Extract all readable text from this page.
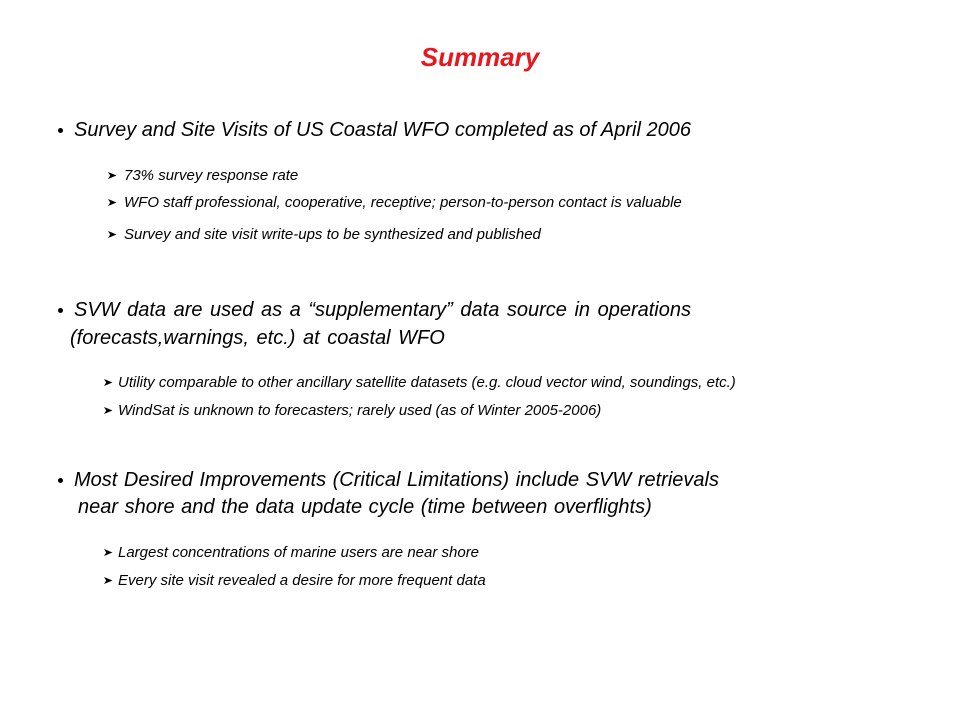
Summary
Survey and Site Visits of US Coastal WFO completed as of April 2006
73% survey response rate
WFO staff professional, cooperative, receptive; person-to-person contact is valuable
Survey and site visit write-ups to be synthesized and published
SVW data are used as a “supplementary” data source in operations
(forecasts,warnings, etc.) at coastal WFO
Utility comparable to other ancillary satellite datasets (e.g. cloud vector wind, soundings, etc.)
WindSat is unknown to forecasters; rarely used (as of Winter 2005-2006)
Most Desired Improvements (Critical Limitations) include SVW retrievals
near shore and the data update cycle (time between overflights)
Largest concentrations of marine users are near shore
Every site visit revealed a desire for more frequent data
